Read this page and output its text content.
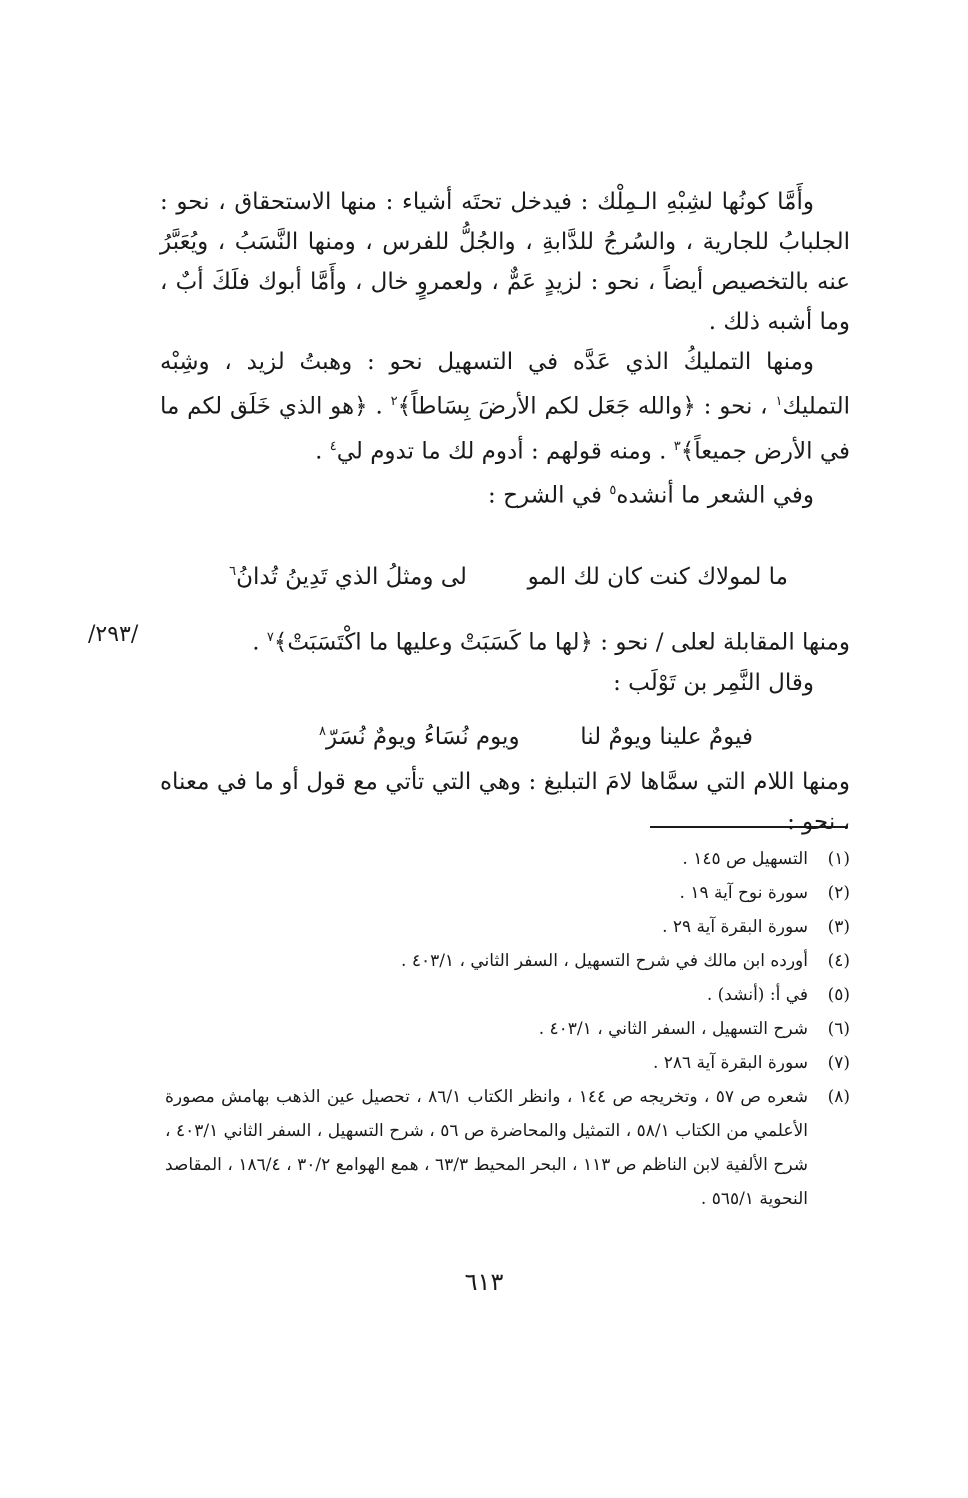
وأَمَّا كونُها لشِبْهِ الـمِلْك : فيدخل تحتَه أشياء : منها الاستحقاق ، نحو : الجلبابُ للجارية ، والسُرجُ للدَّابةِ ، والجُلُّ للفرس ، ومنها النَّسَبُ ، ويُعَبَّرُ عنه بالتخصيص أيضاً ، نحو : لزيدٍ عَمٌّ ، ولعمروٍ خال ، وأَمَّا أبوك فلَكَ أبٌ ، وما أشبه ذلك .

ومنها التمليكُ الذي عَدَّه في التسهيل نحو : وهبتُ لزيد ، وشِبْه التمليك$^١$ ، نحو : ﴿والله جَعَل لكم الأرضَ بِسَاطاً﴾$^٢$ . ﴿هو الذي خَلَق لكم ما في الأرض جميعاً﴾$^٣$ . ومنه قولهم : أدوم لك ما تدوم لي$^٤$ .

وفي الشعر ما أنشده$^٥$ في الشرح :

ما لمولاك كنت كان لك المو  لى ومثلُ الذي تَدِينُ تُدانُ$^٦$

ومنها المقابلة لعلى / نحو : ﴿لها ما كَسَبَتْ وعليها ما اكْتَسَبَتْ﴾$^٧$ .

وقال النَّمِر بن تَوْلَب :

/٢٩٣/
فيومٌ علينا ويومٌ لنا  ويوم نُسَاءُ ويومٌ نُسَرّ$^٨$

ومنها اللام التي سمَّاها لامَ التبليغ : وهي التي تأتي مع قول أو ما في معناه ، نحو :

(١)
التسهيل ص ١٤٥ .
(٢)
سورة نوح آية ١٩ .
(٣)
سورة البقرة آية ٢٩ .
(٤)
أورده ابن مالك في شرح التسهيل ، السفر الثاني ، ٤٠٣/١ .
(٥)
في أ: (أنشد) .
(٦)
شرح التسهيل ، السفر الثاني ، ٤٠٣/١ .
(٧)
سورة البقرة آية ٢٨٦ .
(٨)
شعره ص ٥٧ ، وتخريجه ص ١٤٤ ، وانظر الكتاب ٨٦/١ ، تحصيل عين الذهب بهامش مصورة الأعلمي من الكتاب ٥٨/١ ، التمثيل والمحاضرة ص ٥٦ ، شرح التسهيل ، السفر الثاني ٤٠٣/١ ، شرح الألفية لابن الناظم ص ١١٣ ، البحر المحيط ٦٣/٣ ، همع الهوامع ٣٠/٢ ، ١٨٦/٤ ، المقاصد النحوية ٥٦٥/١ .
٦١٣
